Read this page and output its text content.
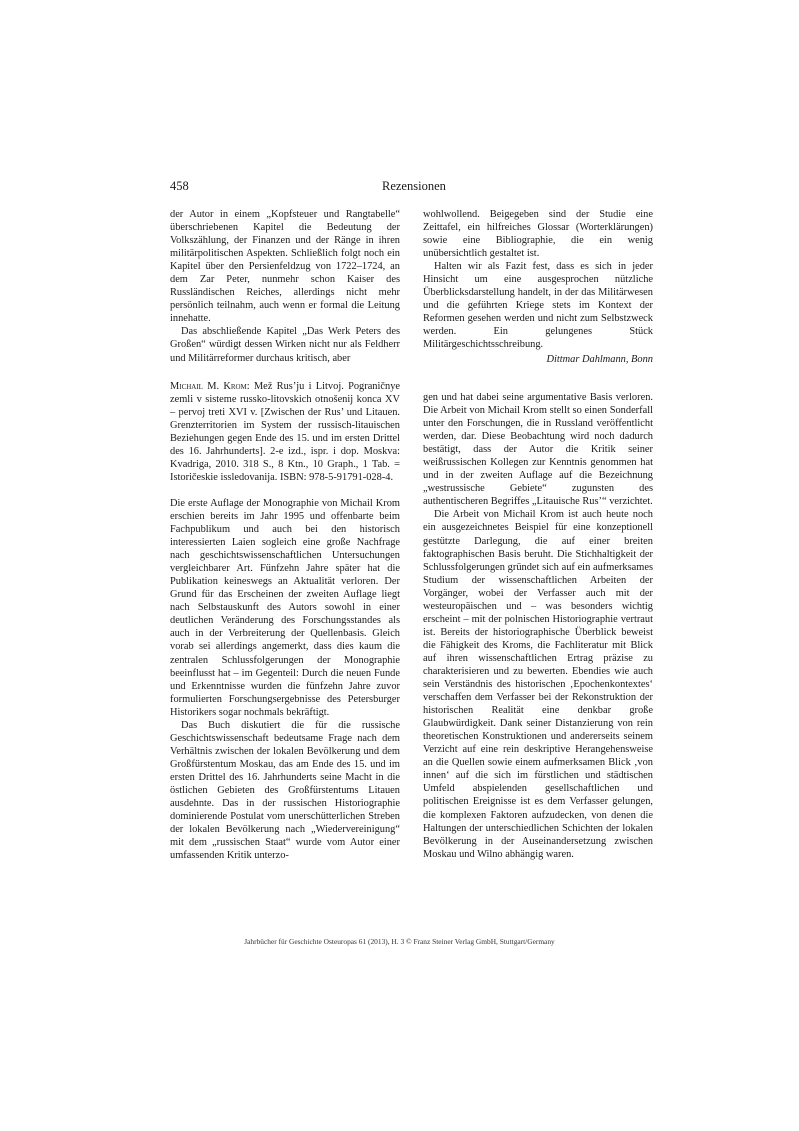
458	Rezensionen

der Autor in einem „Kopfsteuer und Rangtabelle“ überschriebenen Kapitel die Bedeutung der Volkszählung, der Finanzen und der Ränge in ihren militärpolitischen Aspekten. Schließlich folgt noch ein Kapitel über den Persienfeldzug von 1722–1724, an dem Zar Peter, nunmehr schon Kaiser des Russländischen Reiches, allerdings nicht mehr persönlich teilnahm, auch wenn er formal die Leitung innehatte.

Das abschließende Kapitel „Das Werk Peters des Großen“ würdigt dessen Wirken nicht nur als Feldherr und Militärreformer durchaus kritisch, aber

Michail M. Krom: Mež Rus’ju i Litvoj. Pograničnye zemli v sisteme russko-litovskich otnošenij konca XV – pervoj treti XVI v. [Zwischen der Rus’ und Litauen. Grenzterritorien im System der russisch-litauischen Beziehungen gegen Ende des 15. und im ersten Drittel des 16. Jahrhunderts]. 2-e izd., ispr. i dop. Moskva: Kvadriga, 2010. 318 S., 8 Ktn., 10 Graph., 1 Tab. = Istoričeskie issledovanija. ISBN: 978-5-91791-028-4.

Die erste Auflage der Monographie von Michail Krom erschien bereits im Jahr 1995 und offenbarte beim Fachpublikum und auch bei den historisch interessierten Laien sogleich eine große Nachfrage nach geschichtswissenschaftlichen Untersuchungen vergleichbarer Art. Fünfzehn Jahre später hat die Publikation keineswegs an Aktualität verloren. Der Grund für das Erscheinen der zweiten Auflage liegt nach Selbstauskunft des Autors sowohl in einer deutlichen Veränderung des Forschungsstandes als auch in der Verbreiterung der Quellenbasis. Gleich vorab sei allerdings angemerkt, dass dies kaum die zentralen Schlussfolgerungen der Monographie beeinflusst hat – im Gegenteil: Durch die neuen Funde und Erkenntnisse wurden die fünfzehn Jahre zuvor formulierten Forschungsergebnisse des Petersburger Historikers sogar nochmals bekräftigt.

Das Buch diskutiert die für die russische Geschichtswissenschaft bedeutsame Frage nach dem Verhältnis zwischen der lokalen Bevölkerung und dem Großfürstentum Moskau, das am Ende des 15. und im ersten Drittel des 16. Jahrhunderts seine Macht in die östlichen Gebieten des Großfürstentums Litauen ausdehnte. Das in der russischen Historiographie dominierende Postulat vom unerschütterlichen Streben der lokalen Bevölkerung nach „Wiedervereinigung“ mit dem „russischen Staat“ wurde vom Autor einer umfassenden Kritik unterzo-

wohlwollend. Beigegeben sind der Studie eine Zeittafel, ein hilfreiches Glossar (Worterklärungen) sowie eine Bibliographie, die ein wenig unübersichtlich gestaltet ist.

Halten wir als Fazit fest, dass es sich in jeder Hinsicht um eine ausgesprochen nützliche Überblicksdarstellung handelt, in der das Militärwesen und die geführten Kriege stets im Kontext der Reformen gesehen werden und nicht zum Selbstzweck werden. Ein gelungenes Stück Militärgeschichtsschreibung.

Dittmar Dahlmann, Bonn

gen und hat dabei seine argumentative Basis verloren. Die Arbeit von Michail Krom stellt so einen Sonderfall unter den Forschungen, die in Russland veröffentlicht werden, dar. Diese Beobachtung wird noch dadurch bestätigt, dass der Autor die Kritik seiner weißrussischen Kollegen zur Kenntnis genommen hat und in der zweiten Auflage auf die Bezeichnung „westrussische Gebiete“ zugunsten des authentischeren Begriffes „Litauische Rus’“ verzichtet.

Die Arbeit von Michail Krom ist auch heute noch ein ausgezeichnetes Beispiel für eine konzeptionell gestützte Darlegung, die auf einer breiten faktographischen Basis beruht. Die Stichhaltigkeit der Schlussfolgerungen gründet sich auf ein aufmerksames Studium der wissenschaftlichen Arbeiten der Vorgänger, wobei der Verfasser auch mit der westeuropäischen und – was besonders wichtig erscheint – mit der polnischen Historiographie vertraut ist. Bereits der historiographische Überblick beweist die Fähigkeit des Kroms, die Fachliteratur mit Blick auf ihren wissenschaftlichen Ertrag präzise zu charakterisieren und zu bewerten. Ebendies wie auch sein Verständnis des historischen ‚Epochenkontextes‘ verschaffen dem Verfasser bei der Rekonstruktion der historischen Realität eine denkbar große Glaubwürdigkeit. Dank seiner Distanzierung von rein theoretischen Konstruktionen und andererseits seinem Verzicht auf eine rein deskriptive Herangehensweise an die Quellen sowie einem aufmerksamen Blick ‚von innen‘ auf die sich im fürstlichen und städtischen Umfeld abspielenden gesellschaftlichen und politischen Ereignisse ist es dem Verfasser gelungen, die komplexen Faktoren aufzudecken, von denen die Haltungen der unterschiedlichen Schichten der lokalen Bevölkerung in der Auseinandersetzung zwischen Moskau und Wilno abhängig waren.

Jahrbücher für Geschichte Osteuropas 61 (2013), H. 3 © Franz Steiner Verlag GmbH, Stuttgart/Germany
